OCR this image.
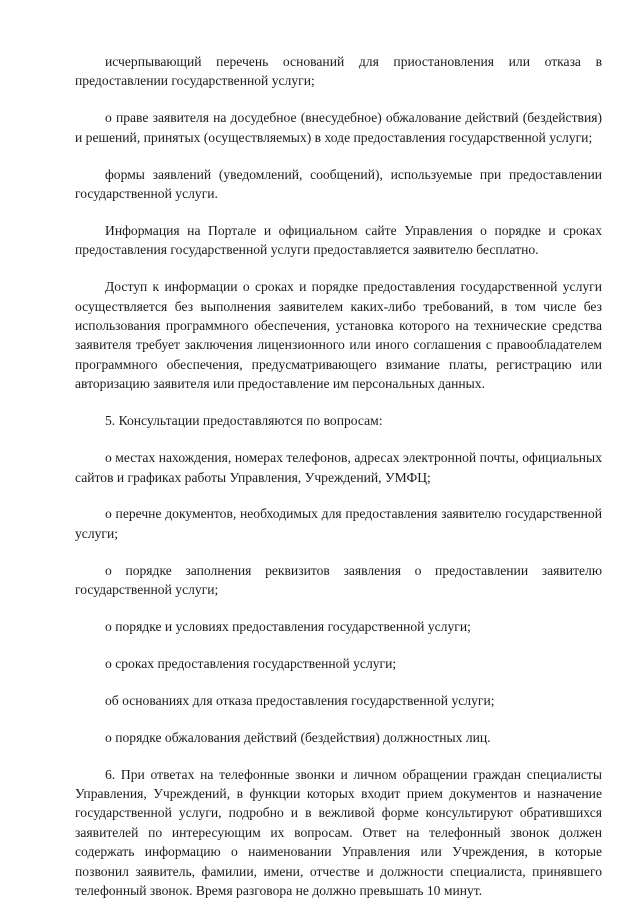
исчерпывающий перечень оснований для приостановления или отказа в предоставлении государственной услуги;

о праве заявителя на досудебное (внесудебное) обжалование действий (бездействия) и решений, принятых (осуществляемых) в ходе предоставления государственной услуги;

формы заявлений (уведомлений, сообщений), используемые при предоставлении государственной услуги.

Информация на Портале и официальном сайте Управления о порядке и сроках предоставления государственной услуги предоставляется заявителю бесплатно.

Доступ к информации о сроках и порядке предоставления государственной услуги осуществляется без выполнения заявителем каких-либо требований, в том числе без использования программного обеспечения, установка которого на технические средства заявителя требует заключения лицензионного или иного соглашения с правообладателем программного обеспечения, предусматривающего взимание платы, регистрацию или авторизацию заявителя или предоставление им персональных данных.

5. Консультации предоставляются по вопросам:

о местах нахождения, номерах телефонов, адресах электронной почты, официальных сайтов и графиках работы Управления, Учреждений, УМФЦ;

о перечне документов, необходимых для предоставления заявителю государственной услуги;

о порядке заполнения реквизитов заявления о предоставлении заявителю государственной услуги;

о порядке и условиях предоставления государственной услуги;

о сроках предоставления государственной услуги;

об основаниях для отказа предоставления государственной услуги;

о порядке обжалования действий (бездействия) должностных лиц.

6. При ответах на телефонные звонки и личном обращении граждан специалисты Управления, Учреждений, в функции которых входит прием документов и назначение государственной услуги, подробно и в вежливой форме консультируют обратившихся заявителей по интересующим их вопросам. Ответ на телефонный звонок должен содержать информацию о наименовании Управления или Учреждения, в которые позвонил заявитель, фамилии, имени, отчестве и должности специалиста, принявшего телефонный звонок. Время разговора не должно превышать 10 минут.
